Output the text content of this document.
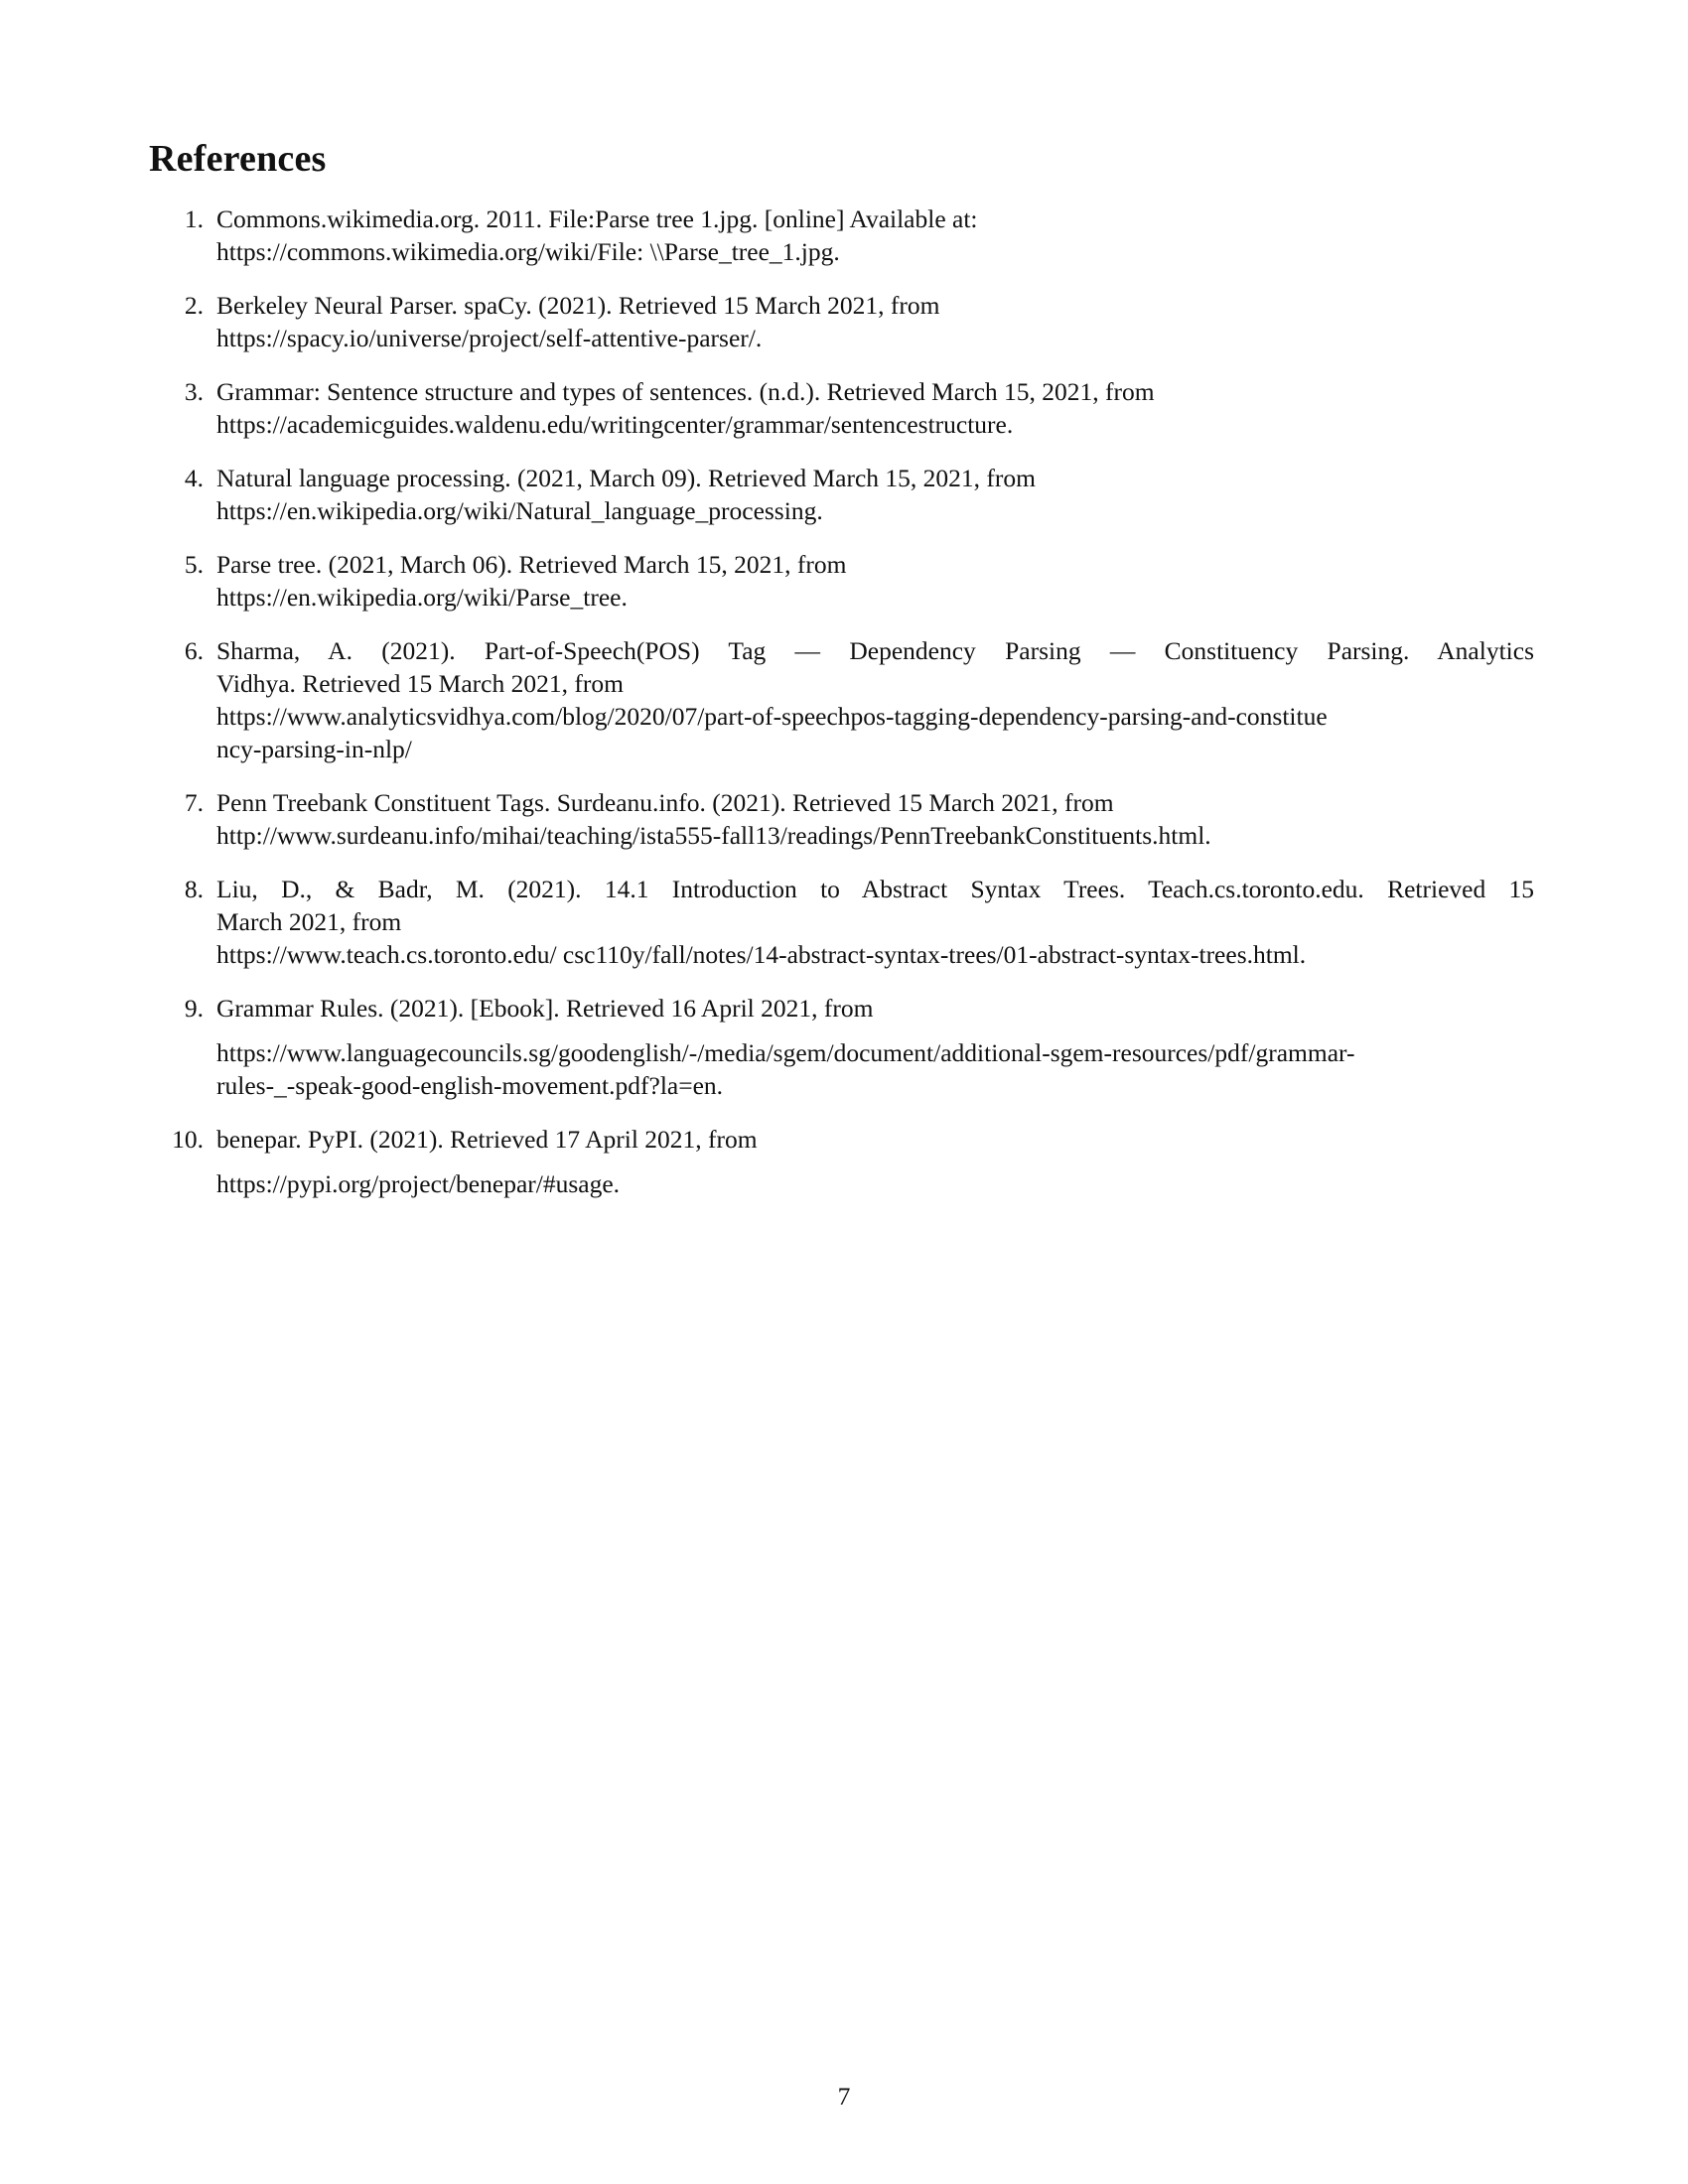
References
1. Commons.wikimedia.org. 2011. File:Parse tree 1.jpg. [online] Available at:
https://commons.wikimedia.org/wiki/File: \\Parse_tree_1.jpg.
2. Berkeley Neural Parser. spaCy. (2021). Retrieved 15 March 2021, from
https://spacy.io/universe/project/self-attentive-parser/.
3. Grammar: Sentence structure and types of sentences. (n.d.). Retrieved March 15, 2021, from
https://academicguides.waldenu.edu/writingcenter/grammar/sentencestructure.
4. Natural language processing. (2021, March 09). Retrieved March 15, 2021, from
https://en.wikipedia.org/wiki/Natural_language_processing.
5. Parse tree. (2021, March 06). Retrieved March 15, 2021, from
https://en.wikipedia.org/wiki/Parse_tree.
6. Sharma, A. (2021). Part-of-Speech(POS) Tag — Dependency Parsing — Constituency Parsing. Analytics
Vidhya. Retrieved 15 March 2021, from
https://www.analyticsvidhya.com/blog/2020/07/part-of-speechpos-tagging-dependency-parsing-and-constitue
ncy-parsing-in-nlp/
7. Penn Treebank Constituent Tags. Surdeanu.info. (2021). Retrieved 15 March 2021, from
http://www.surdeanu.info/mihai/teaching/ista555-fall13/readings/PennTreebankConstituents.html.
8. Liu, D., & Badr, M. (2021). 14.1 Introduction to Abstract Syntax Trees. Teach.cs.toronto.edu. Retrieved 15
March 2021, from
https://www.teach.cs.toronto.edu/ csc110y/fall/notes/14-abstract-syntax-trees/01-abstract-syntax-trees.html.
9. Grammar Rules. (2021). [Ebook]. Retrieved 16 April 2021, from
https://www.languagecouncils.sg/goodenglish/-/media/sgem/document/additional-sgem-resources/pdf/grammar-
rules-_-speak-good-english-movement.pdf?la=en.
10. benepar. PyPI. (2021). Retrieved 17 April 2021, from
https://pypi.org/project/benepar/#usage.
7
